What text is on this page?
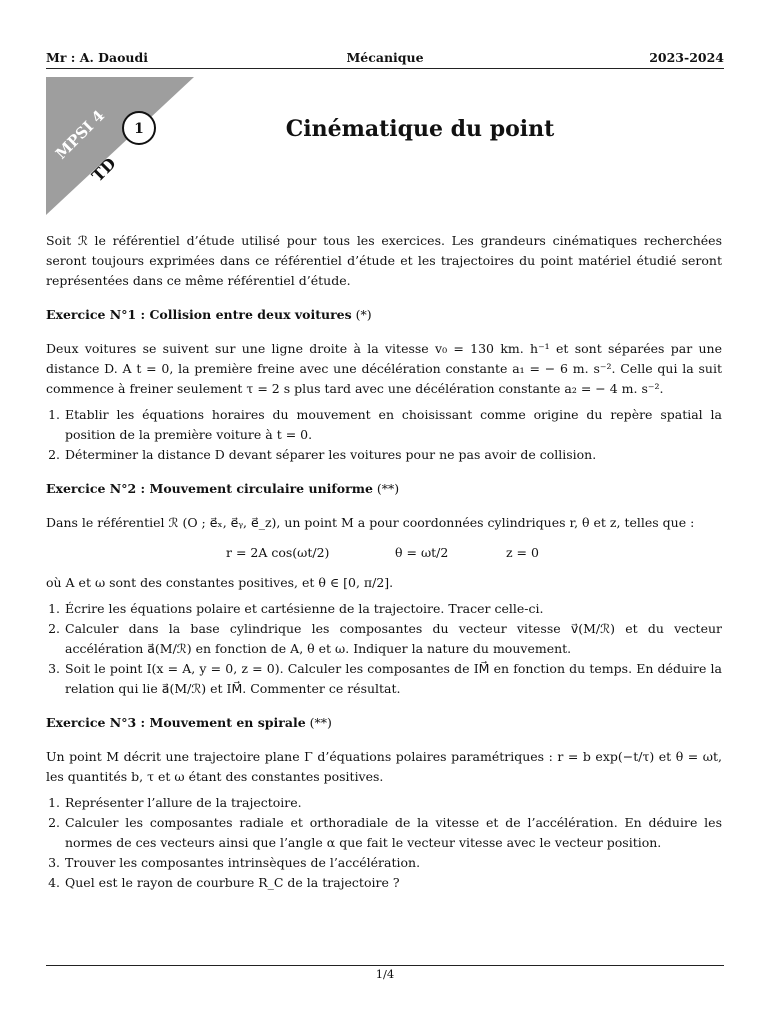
Mr : A. Daoudi	Mécanique	2023-2024
MPSI 4
TD
1	Cinématique du point

Soit ℛ le référentiel d’étude utilisé pour tous les exercices. Les grandeurs cinématiques recherchées seront toujours exprimées dans ce référentiel d’étude et les trajectoires du point matériel étudié seront représentées dans ce même référentiel d’étude.

Exercice N°1 : Collision entre deux voitures (*)

Deux voitures se suivent sur une ligne droite à la vitesse v₀ = 130 km. h⁻¹ et sont séparées par une distance D. A t = 0, la première freine avec une décélération constante a₁ = − 6 m. s⁻². Celle qui la suit commence à freiner seulement τ = 2 s plus tard avec une décélération constante a₂ = − 4 m. s⁻².

1. Etablir les équations horaires du mouvement en choisissant comme origine du repère spatial la position de la première voiture à t = 0.
2. Déterminer la distance D devant séparer les voitures pour ne pas avoir de collision.
Exercice N°2 : Mouvement circulaire uniforme (**)

Dans le référentiel ℛ (O ; e⃗ₓ, e⃗ᵧ, e⃗_z), un point M a pour coordonnées cylindriques r, θ et z, telles que :

r = 2A cos(ωt/2)	θ = ωt/2	z = 0

où A et ω sont des constantes positives, et θ ∈ [0, π/2].

1. Écrire les équations polaire et cartésienne de la trajectoire. Tracer celle-ci.
2. Calculer dans la base cylindrique les composantes du vecteur vitesse v⃗(M/ℛ) et du vecteur accélération a⃗(M/ℛ) en fonction de A, θ et ω. Indiquer la nature du mouvement.
3. Soit le point I(x = A, y = 0, z = 0). Calculer les composantes de IM⃗ en fonction du temps. En déduire la relation qui lie a⃗(M/ℛ) et IM⃗. Commenter ce résultat.
Exercice N°3 : Mouvement en spirale (**)

Un point M décrit une trajectoire plane Γ d’équations polaires paramétriques : r = b exp(−t/τ) et θ = ωt, les quantités b, τ et ω étant des constantes positives.

1. Représenter l’allure de la trajectoire.
2. Calculer les composantes radiale et orthoradiale de la vitesse et de l’accélération. En déduire les normes de ces vecteurs ainsi que l’angle α que fait le vecteur vitesse avec le vecteur position.
3. Trouver les composantes intrinsèques de l’accélération.
4. Quel est le rayon de courbure R_C de la trajectoire ?
1/4
